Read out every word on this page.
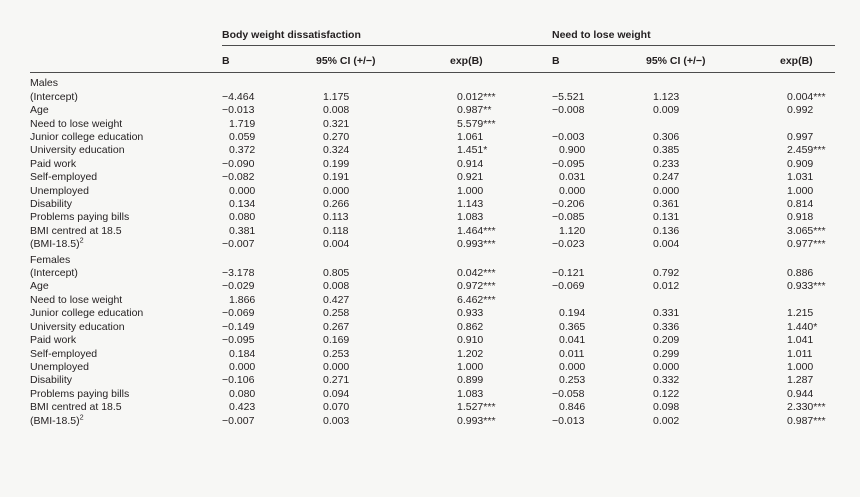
	Body weight dissatisfaction			Need to lose weight		
	B	95% CI (+/−)	exp(B)	B	95% CI (+/−)	exp(B)
Males						
(Intercept)	−4.464	1.175	0.012***	−5.521	1.123	0.004***
Age	−0.013	0.008	0.987**	−0.008	0.009	0.992
Need to lose weight	1.719	0.321	5.579***			
Junior college education	0.059	0.270	1.061	−0.003	0.306	0.997
University education	0.372	0.324	1.451*	0.900	0.385	2.459***
Paid work	−0.090	0.199	0.914	−0.095	0.233	0.909
Self-employed	−0.082	0.191	0.921	0.031	0.247	1.031
Unemployed	0.000	0.000	1.000	0.000	0.000	1.000
Disability	0.134	0.266	1.143	−0.206	0.361	0.814
Problems paying bills	0.080	0.113	1.083	−0.085	0.131	0.918
BMI centred at 18.5	0.381	0.118	1.464***	1.120	0.136	3.065***
$(BMI-18.5)^2$	−0.007	0.004	0.993***	−0.023	0.004	0.977***
Females						
(Intercept)	−3.178	0.805	0.042***	−0.121	0.792	0.886
Age	−0.029	0.008	0.972***	−0.069	0.012	0.933***
Need to lose weight	1.866	0.427	6.462***			
Junior college education	−0.069	0.258	0.933	0.194	0.331	1.215
University education	−0.149	0.267	0.862	0.365	0.336	1.440*
Paid work	−0.095	0.169	0.910	0.041	0.209	1.041
Self-employed	0.184	0.253	1.202	0.011	0.299	1.011
Unemployed	0.000	0.000	1.000	0.000	0.000	1.000
Disability	−0.106	0.271	0.899	0.253	0.332	1.287
Problems paying bills	0.080	0.094	1.083	−0.058	0.122	0.944
BMI centred at 18.5	0.423	0.070	1.527***	0.846	0.098	2.330***
$(BMI-18.5)^2$	−0.007	0.003	0.993***	−0.013	0.002	0.987***
